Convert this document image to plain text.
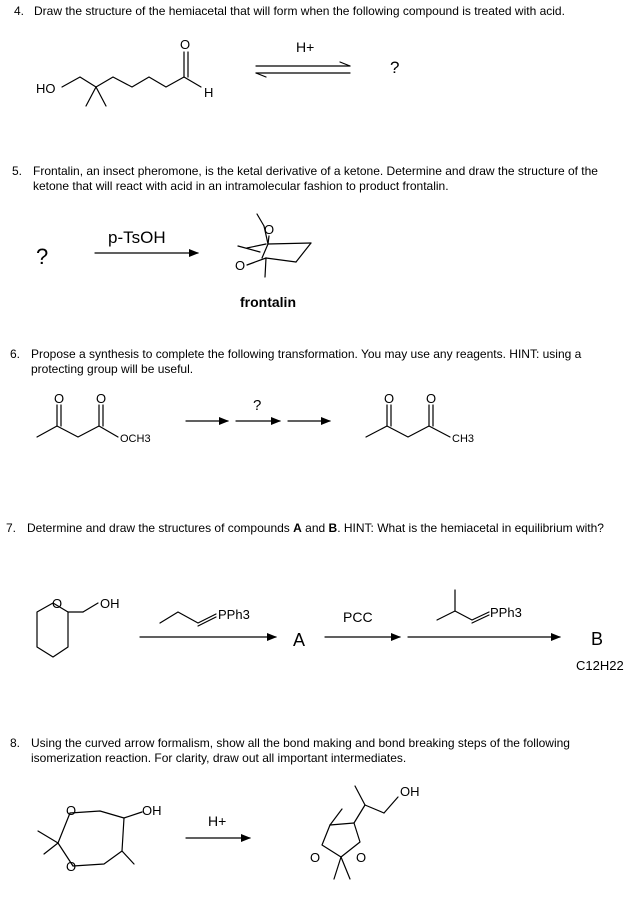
4. Draw the structure of the hemiacetal that will form when the following compound is treated with acid.
5. Frontalin, an insect pheromone, is the ketal derivative of a ketone. Determine and draw the structure of the ketone that will react with acid in an intramolecular fashion to product frontalin.
6. Propose a synthesis to complete the following transformation. You may use any reagents. HINT: using a protecting group will be useful.
7. Determine and draw the structures of compounds A and B. HINT: What is the hemiacetal in equilibrium with?
8. Using the curved arrow formalism, show all the bond making and bond breaking steps of the following isomerization reaction. For clarity, draw out all important intermediates.
HO
O
H
H+
?
?
p-TsOH	O
O
frontalin
O O
OCH3
?	O O
CH3
O	OH
PPh3
A
PCC	PPh3
B
C12H22
O
O
OH
H+
OH
O	O
